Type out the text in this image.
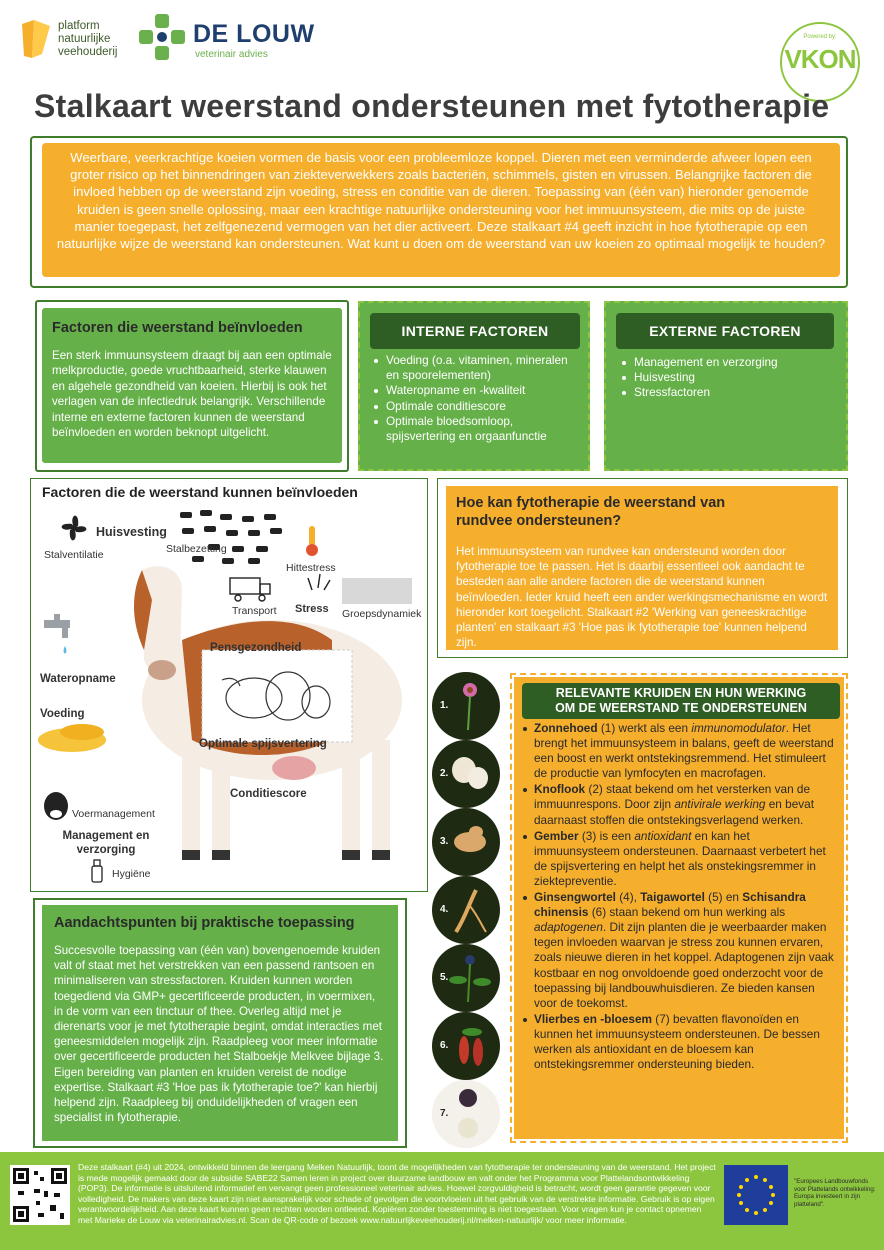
platform
natuurlijke
veehouderij
DE LOUW
veterinair advies
Powered by:
VKON
Stalkaart weerstand ondersteunen met fytotherapie
Weerbare, veerkrachtige koeien vormen de basis voor een probleemloze koppel. Dieren met een verminderde afweer lopen een groter risico op het binnendringen van ziekteverwekkers zoals bacteriën, schimmels, gisten en virussen. Belangrijke factoren die invloed hebben op de weerstand zijn voeding, stress en conditie van de dieren. Toepassing van (één van) hieronder genoemde kruiden is geen snelle oplossing, maar een krachtige natuurlijke ondersteuning voor het immuunsysteem, die mits op de juiste manier toegepast, het zelfgenezend vermogen van het dier activeert. Deze stalkaart #4 geeft inzicht in hoe fytotherapie op een natuurlijke wijze de weerstand kan ondersteunen. Wat kunt u doen om de weerstand van uw koeien zo optimaal mogelijk te houden?
Factoren die weerstand beïnvloeden

Een sterk immuunsysteem draagt bij aan een optimale melkproductie, goede vruchtbaarheid, sterke klauwen en algehele gezondheid van koeien. Hierbij is ook het verlagen van de infectiedruk belangrijk. Verschillende interne en externe factoren kunnen de weerstand beïnvloeden en worden beknopt uitgelicht.

Voeding (o.a. vitaminen, mineralen en spoorelementen)
Wateropname en -kwaliteit
Optimale conditiescore
Optimale bloedsomloop, spijsvertering en orgaanfunctie
INTERNE FACTOREN
Management en verzorging
Huisvesting
Stressfactoren
EXTERNE FACTOREN
Factoren die de weerstand kunnen beïnvloeden
Huisvesting
Stalventilatie	Stalbezetting
Hittestress
Transport Stress Groepsdynamiek
Pensgezondheid
Wateropname
Voeding
Optimale spijsvertering
Conditiescore
Voermanagement
Management en verzorging
Hygiëne
Hoe kan fytotherapie de weerstand van rundvee ondersteunen?

Het immuunsysteem van rundvee kan ondersteund worden door fytotherapie toe te passen. Het is daarbij essentieel ook aandacht te besteden aan alle andere factoren die de weerstand kunnen beïnvloeden. Ieder kruid heeft een ander werkingsmechanisme en wordt hieronder kort toegelicht. Stalkaart #2 'Werking van geneeskrachtige planten' en stalkaart #3 'Hoe pas ik fytotherapie toe' kunnen helpend zijn.

1.
2.
3.
4.
5.
6.
7.
Zonnehoed (1) werkt als een immunomodulator. Het brengt het immuunsysteem in balans, geeft de weerstand een boost en werkt ontstekingsremmend. Het stimuleert de productie van lymfocyten en macrofagen.
Knoflook (2) staat bekend om het versterken van de immuunrespons. Door zijn antivirale werking en bevat daarnaast stoffen die ontstekingsverlagend werken.
Gember (3) is een antioxidant en kan het immuunsysteem ondersteunen. Daarnaast verbetert het de spijsvertering en helpt het als onstekingsremmer in ziektepreventie.
Ginsengwortel (4), Taigawortel (5) en Schisandra chinensis (6) staan bekend om hun werking als adaptogenen. Dit zijn planten die je weerbaarder maken tegen invloeden waarvan je stress zou kunnen ervaren, zoals nieuwe dieren in het koppel. Adaptogenen zijn vaak kostbaar en nog onvoldoende goed onderzocht voor de toepassing bij landbouwhuisdieren. Ze bieden kansen voor de toekomst.
Vlierbes en -bloesem (7) bevatten flavonoïden en kunnen het immuunsysteem ondersteunen. De bessen werken als antioxidant en de bloesem kan ontstekingsremmer ondersteuning bieden.
RELEVANTE KRUIDEN EN HUN WERKING
OM DE WEERSTAND TE ONDERSTEUNEN
Aandachtspunten bij praktische toepassing

Succesvolle toepassing van (één van) bovengenoemde kruiden valt of staat met het verstrekken van een passend rantsoen en minimaliseren van stressfactoren. Kruiden kunnen worden toegediend via GMP+ gecertificeerde producten, in voermixen, in de vorm van een tinctuur of thee. Overleg altijd met je dierenarts voor je met fytotherapie begint, omdat interacties met geneesmiddelen mogelijk zijn. Raadpleeg voor meer informatie over gecertificeerde producten het Stalboekje Melkvee bijlage 3. Eigen bereiding van planten en kruiden vereist de nodige expertise. Stalkaart #3 'Hoe pas ik fytotherapie toe?' kan hierbij helpend zijn. Raadpleeg bij onduidelijkheden of vragen een specialist in fytotherapie.

Deze stalkaart (#4) uit 2024, ontwikkeld binnen de leergang Melken Natuurlijk, toont de mogelijkheden van fytotherapie ter ondersteuning van de weerstand. Het project is mede mogelijk gemaakt door de subsidie SABE22 Samen leren in project over duurzame landbouw en valt onder het Programma voor Plattelandsontwikkeling (POP3). De informatie is uitsluitend informatief en vervangt geen professioneel veterinair advies. Hoewel zorgvuldigheid is betracht, wordt geen garantie gegeven voor volledigheid. De makers van deze kaart zijn niet aansprakelijk voor schade of gevolgen die voortvloeien uit het gebruik van de verstrekte informatie. Gebruik is op eigen verantwoordelijkheid. Aan deze kaart kunnen geen rechten worden ontleend. Kopiëren zonder toestemming is niet toegestaan. Voor vragen kun je contact opnemen met Marieke de Louw via veterinairadvies.nl. Scan de QR-code of bezoek www.natuurlijkeveehouderij.nl/melken-natuurlijk/ voor meer informatie.
"Europees Landbouwfonds voor Plattelands ontwikkeling: Europa investeert in zijn platteland".
